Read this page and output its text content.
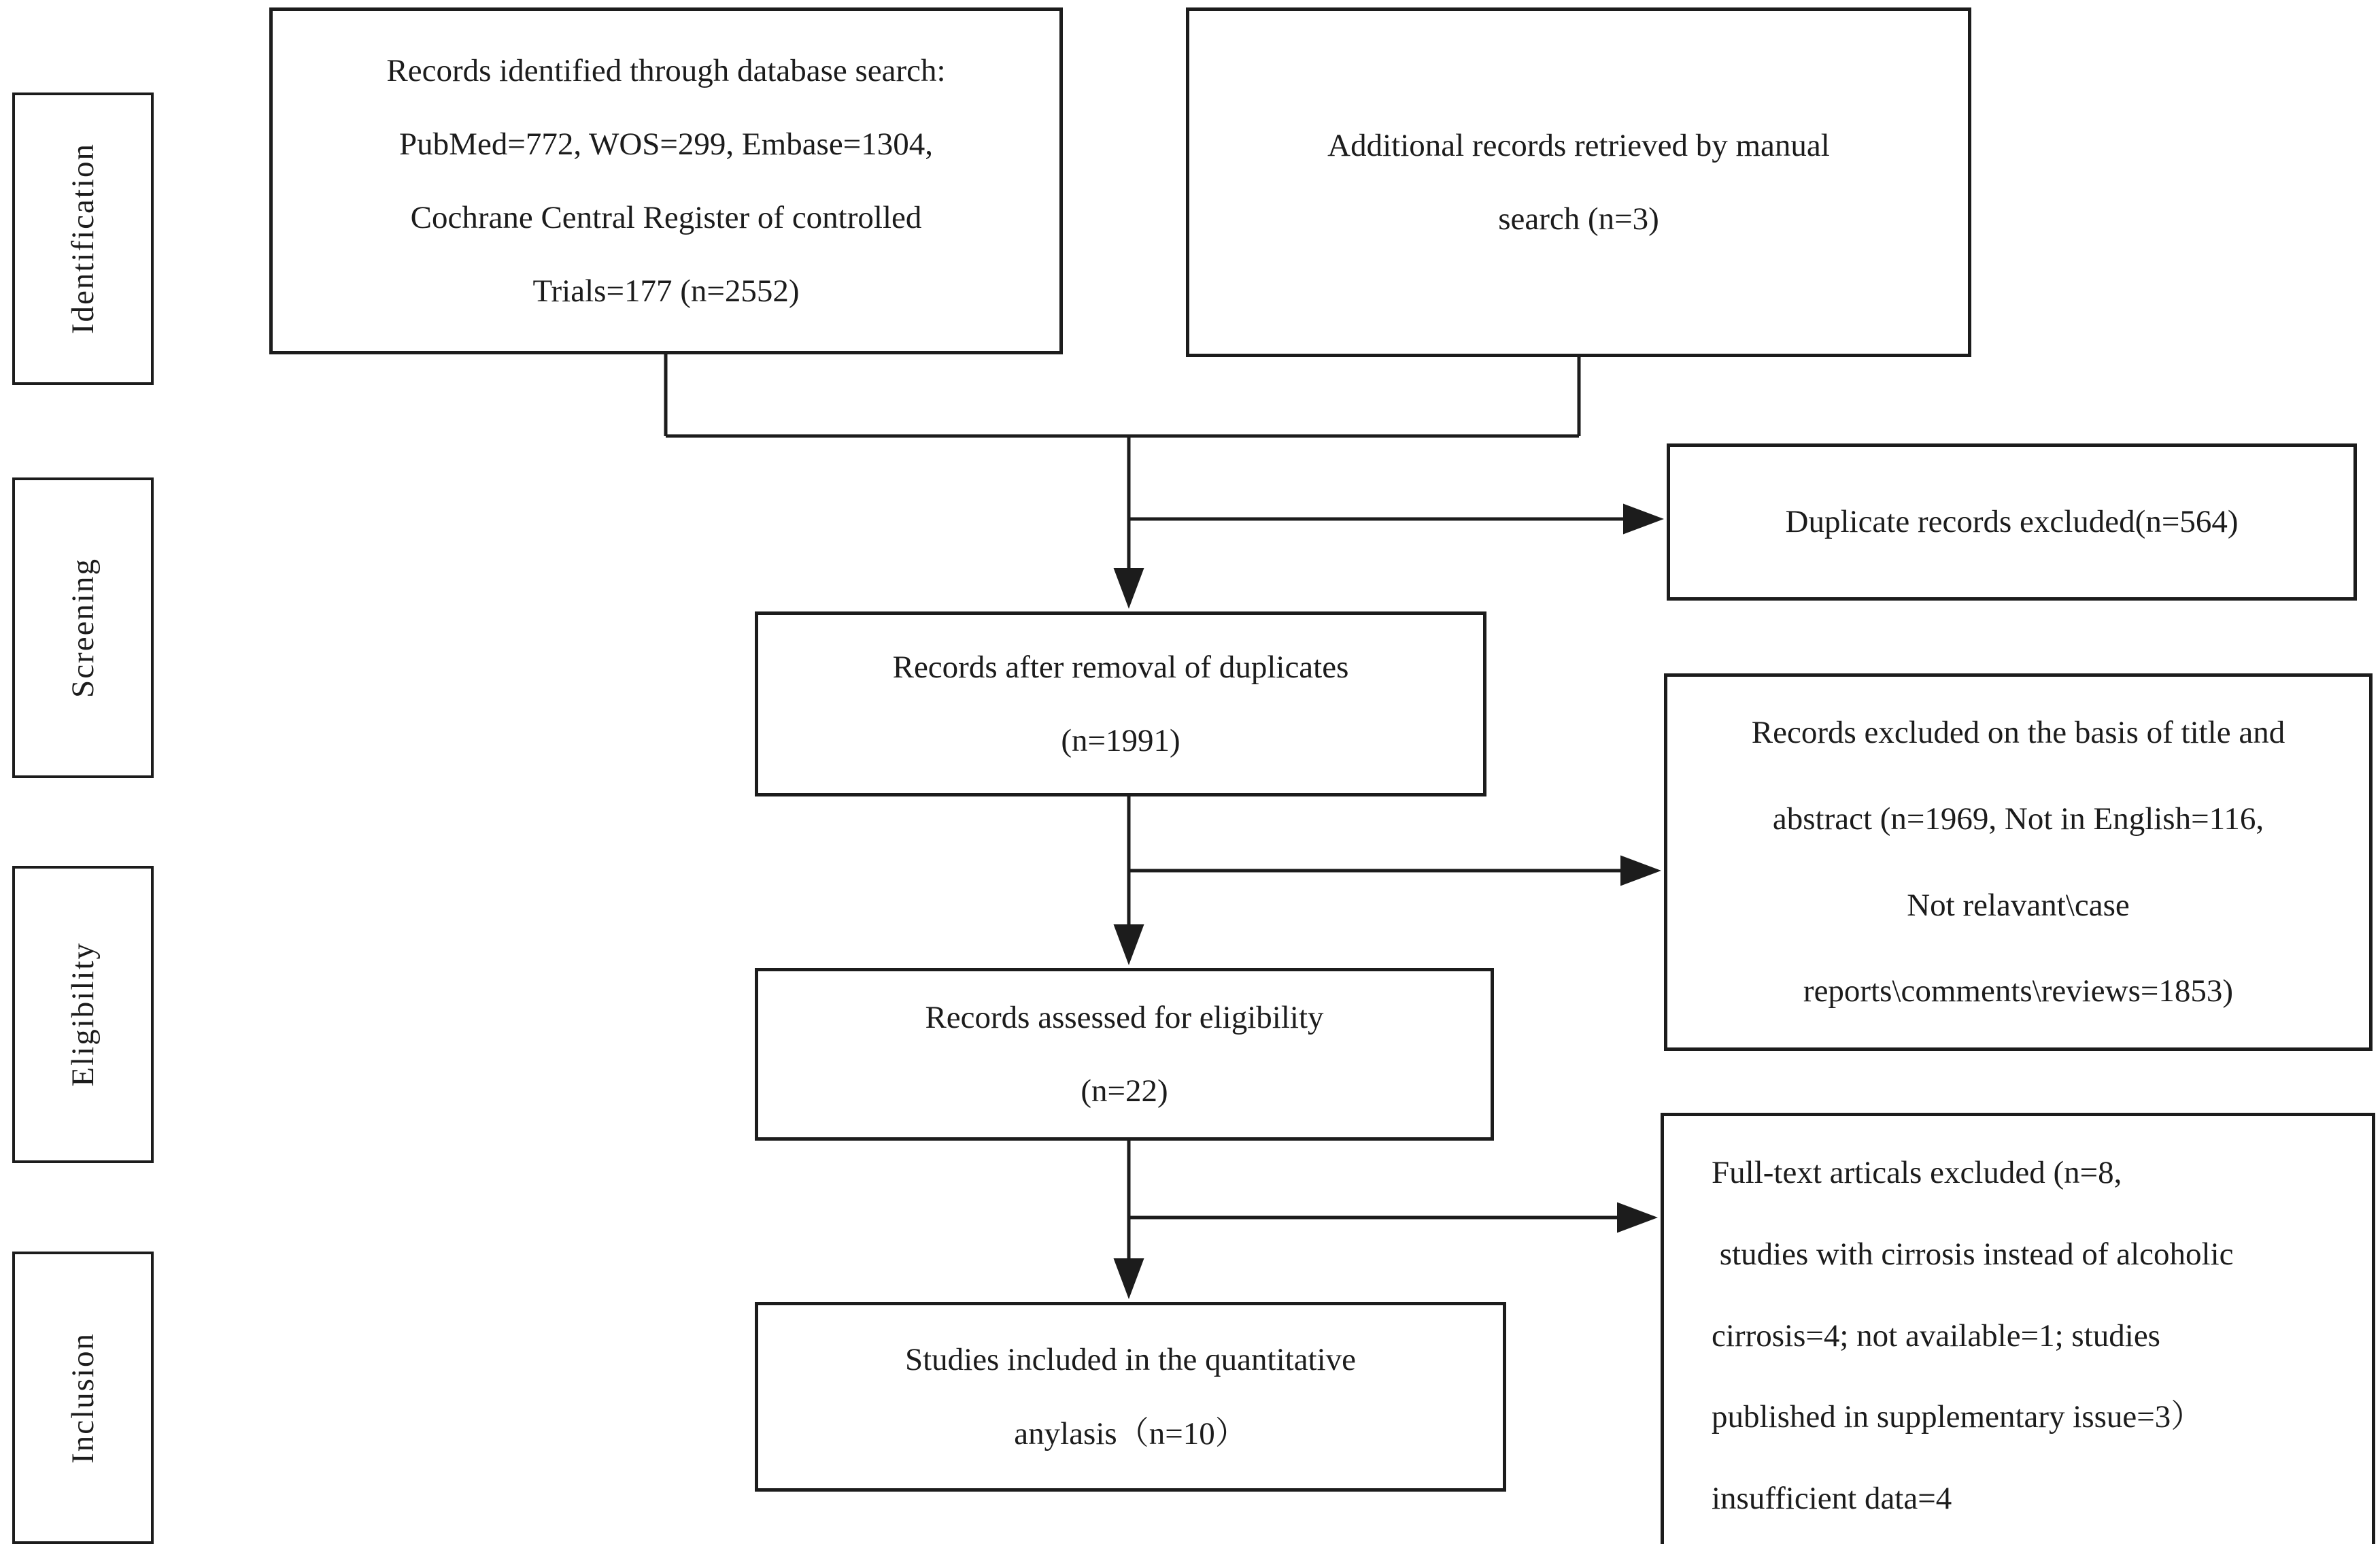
Identification
Screening
Eligibility
Inclusion
Records identified through database search:
PubMed=772, WOS=299, Embase=1304,
Cochrane Central Register of controlled
Trials=177 (n=2552)
Additional records retrieved by manual
search (n=3)
Duplicate records excluded(n=564)
Records after removal of duplicates
(n=1991)	Records excluded on the basis of title and
abstract (n=1969, Not in English=116,
Not relavant\case
reports\comments\reviews=1853)
Records assessed for eligibility
(n=22)
Full-text articals excluded (n=8,
studies with cirrosis instead of alcoholic
cirrosis=4; not available=1; studies
published in supplementary issue=3）
insufficient data=4
Studies included in the quantitative
anylasis（n=10）
